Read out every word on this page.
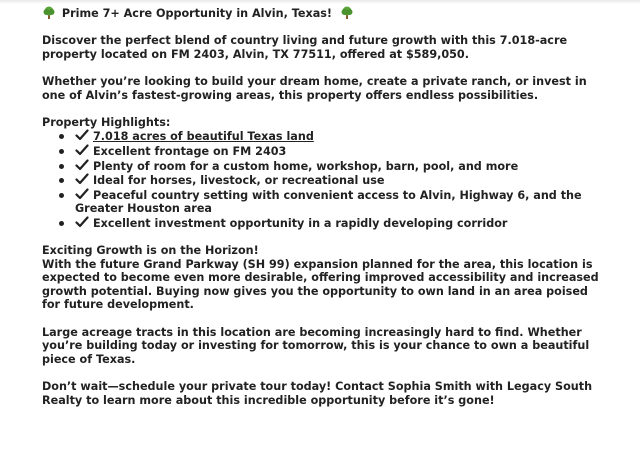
Prime 7+ Acre Opportunity in Alvin, Texas!

Discover the perfect blend of country living and future growth with this 7.018-acre property located on FM 2403, Alvin, TX 77511, offered at $589,050.

Whether you’re looking to build your dream home, create a private ranch, or invest in one of Alvin’s fastest-growing areas, this property offers endless possibilities.

Property Highlights:

7.018 acres of beautiful Texas land
Excellent frontage on FM 2403
Plenty of room for a custom home, workshop, barn, pool, and more
Ideal for horses, livestock, or recreational use
Peaceful country setting with convenient access to Alvin, Highway 6, and the Greater Houston area
Excellent investment opportunity in a rapidly developing corridor

Exciting Growth is on the Horizon!

With the future Grand Parkway (SH 99) expansion planned for the area, this location is expected to become even more desirable, offering improved accessibility and increased growth potential. Buying now gives you the opportunity to own land in an area poised for future development.

Large acreage tracts in this location are becoming increasingly hard to find. Whether you’re building today or investing for tomorrow, this is your chance to own a beautiful piece of Texas.

Don’t wait—schedule your private tour today! Contact Sophia Smith with Legacy South Realty to learn more about this incredible opportunity before it’s gone!
